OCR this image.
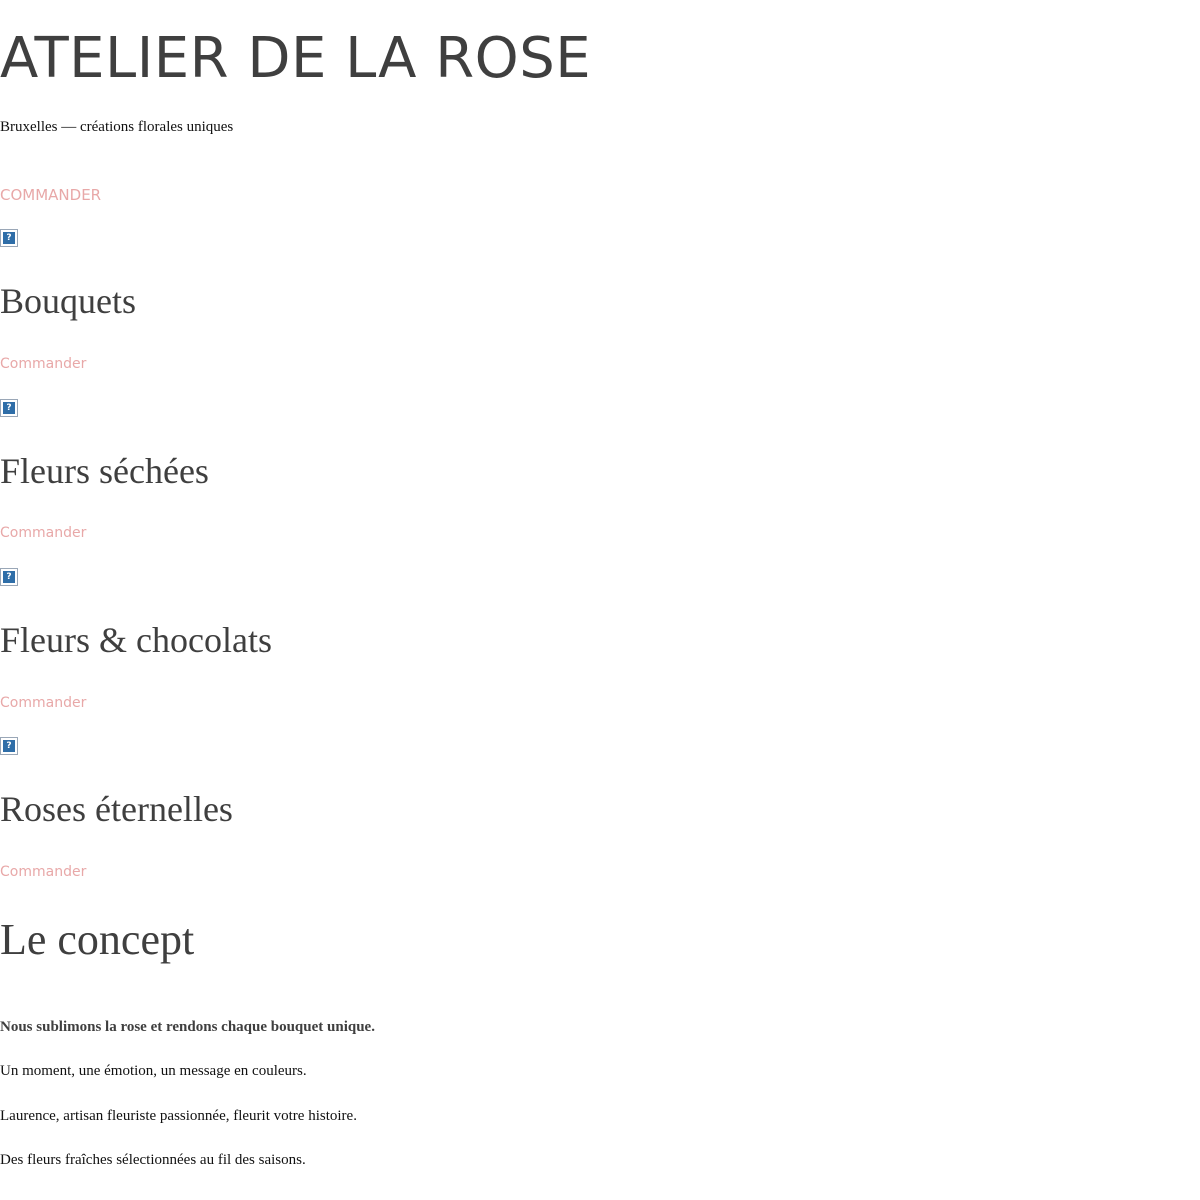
ATELIER DE LA ROSE

Bruxelles — créations florales uniques

COMMANDER
?
Bouquets
Commander
?
Fleurs séchées
Commander
?
Fleurs & chocolats
Commander
?
Roses éternelles
Commander
Le concept

Nous sublimons la rose et rendons chaque bouquet unique.

Un moment, une émotion, un message en couleurs.

Laurence, artisan fleuriste passionnée, fleurit votre histoire.

Des fleurs fraîches sélectionnées au fil des saisons.
